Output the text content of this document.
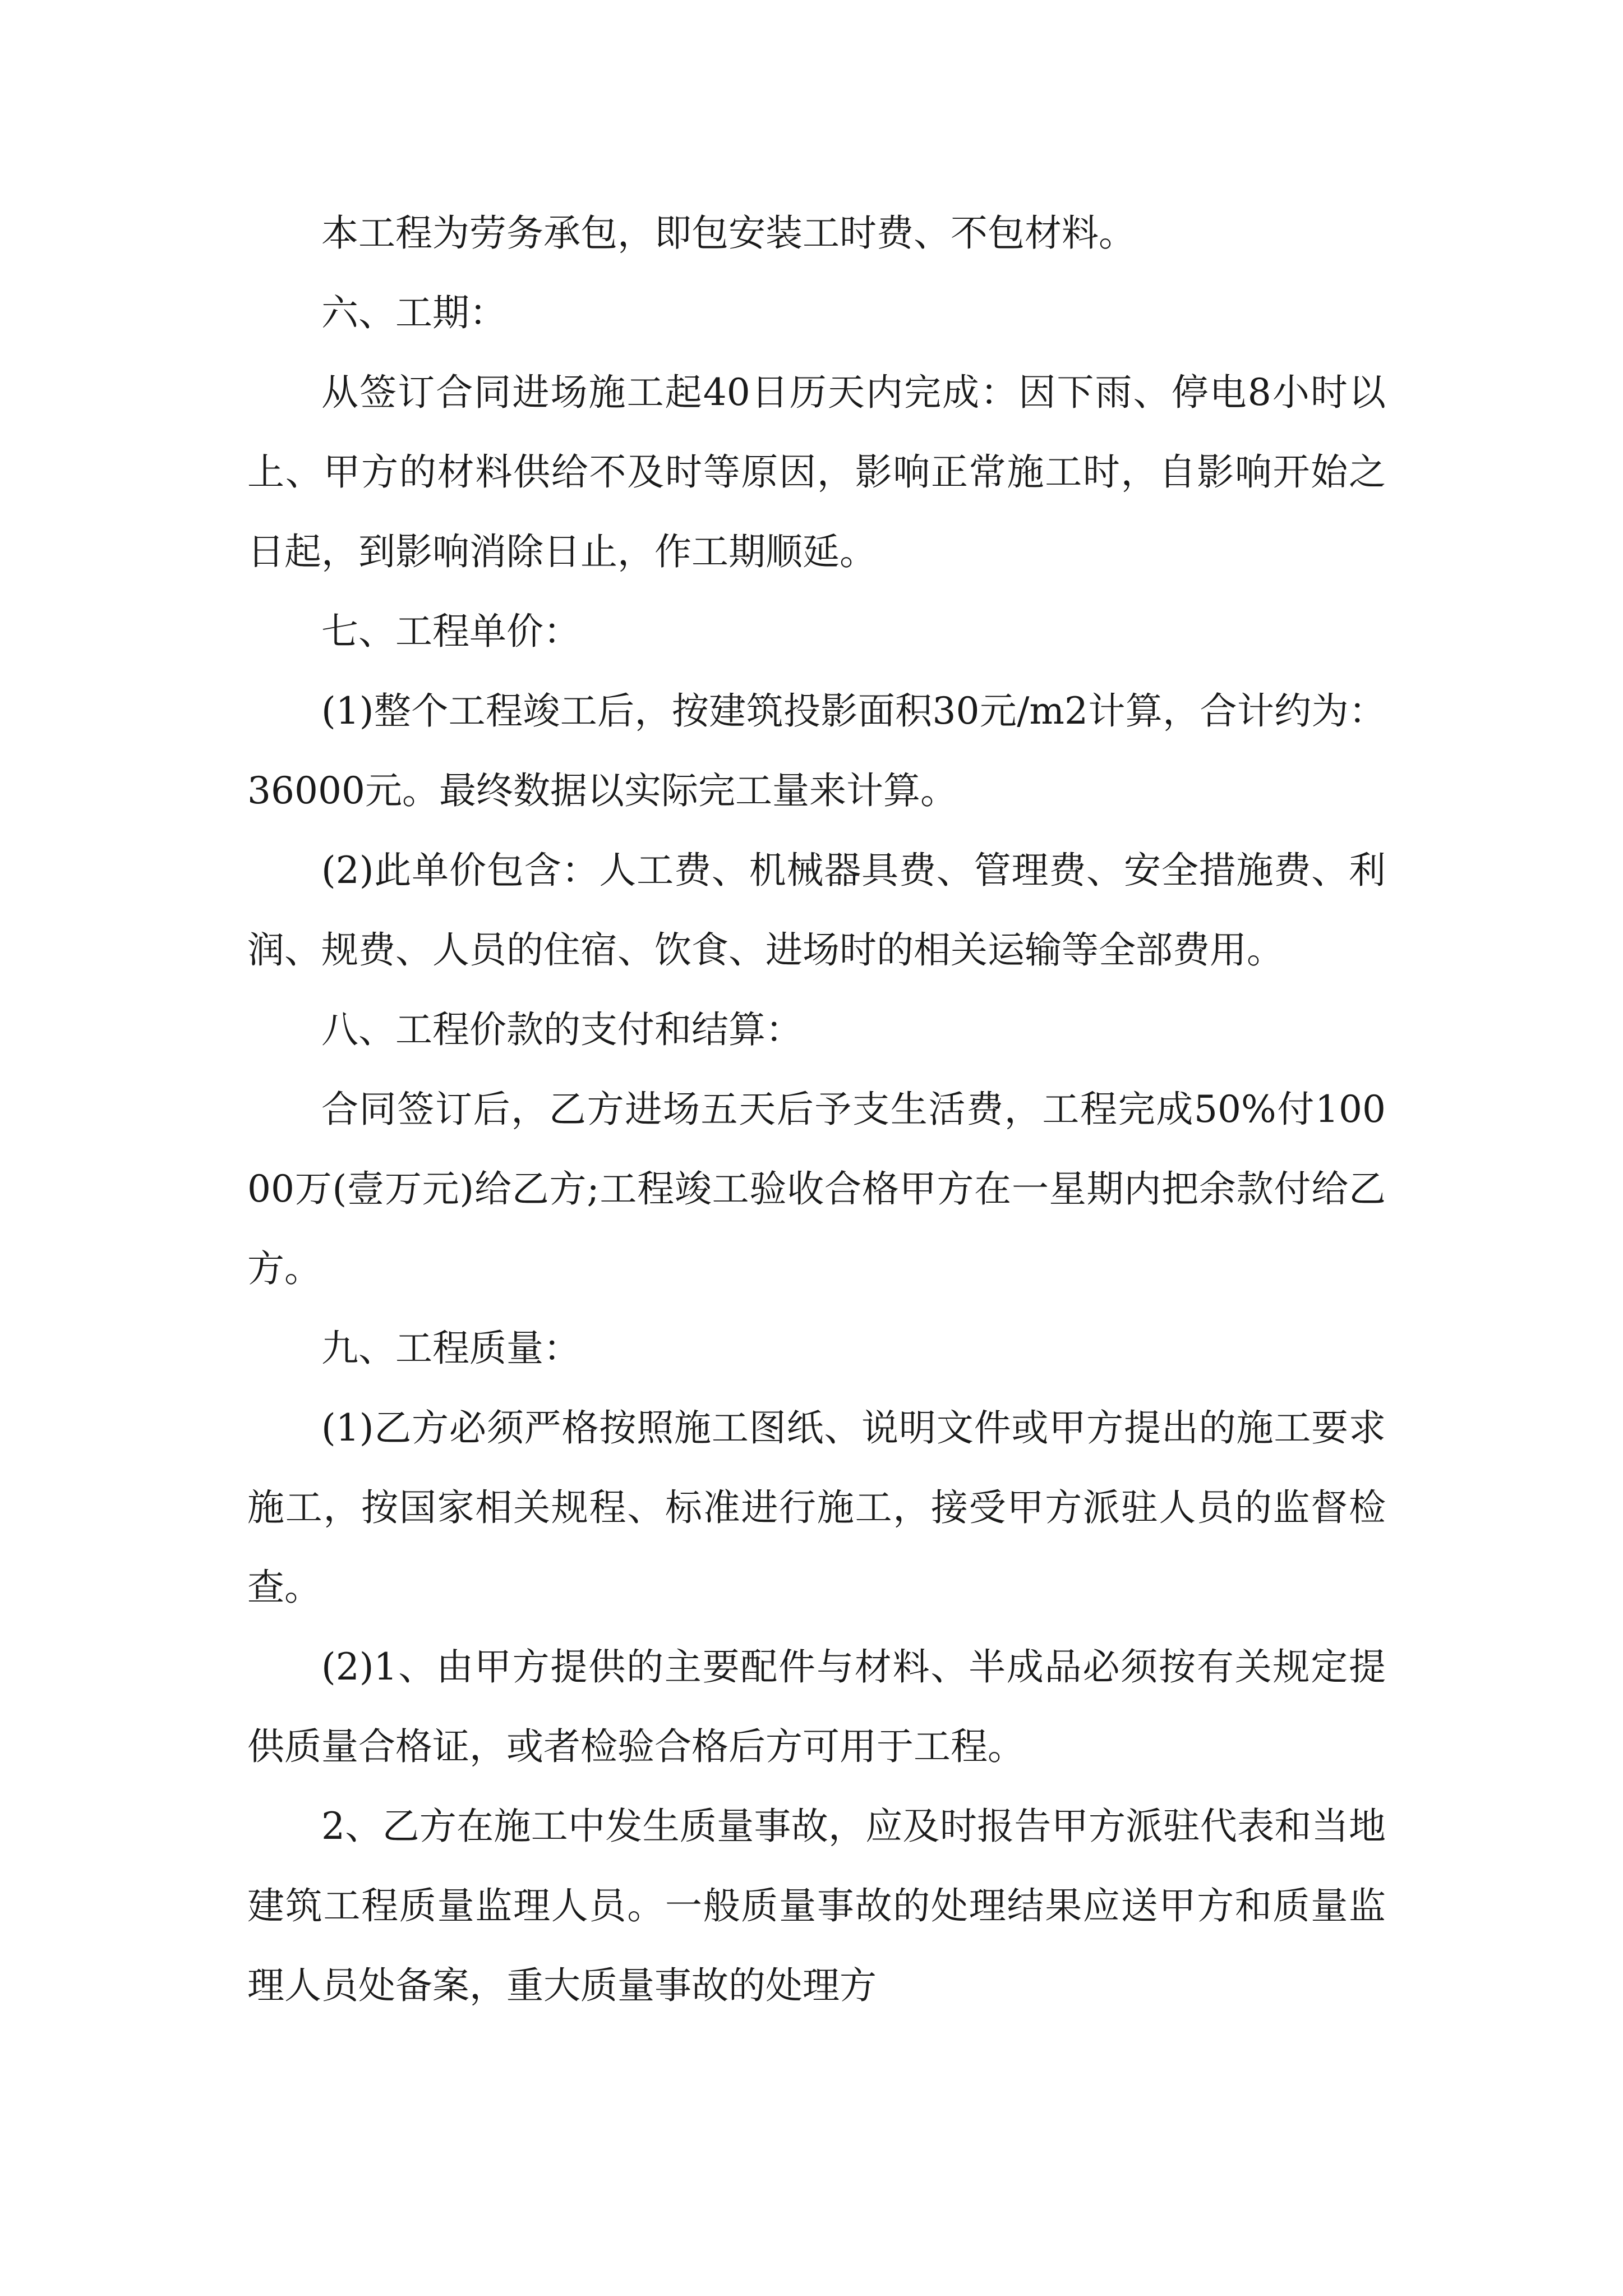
本工程为劳务承包，即包安装工时费、不包材料。

六、工期：

从签订合同进场施工起40日历天内完成：因下雨、停电8小时以上、甲方的材料供给不及时等原因，影响正常施工时，自影响开始之日起，到影响消除日止，作工期顺延。

七、工程单价：

(1)整个工程竣工后，按建筑投影面积30元/m2计算，合计约为：36000元。最终数据以实际完工量来计算。

(2)此单价包含：人工费、机械器具费、管理费、安全措施费、利润、规费、人员的住宿、饮食、进场时的相关运输等全部费用。

八、工程价款的支付和结算：

合同签订后，乙方进场五天后予支生活费，工程完成50%付10000万(壹万元)给乙方;工程竣工验收合格甲方在一星期内把余款付给乙方。

九、工程质量：

(1)乙方必须严格按照施工图纸、说明文件或甲方提出的施工要求施工，按国家相关规程、标准进行施工，接受甲方派驻人员的监督检查。

(2)1、由甲方提供的主要配件与材料、半成品必须按有关规定提供质量合格证，或者检验合格后方可用于工程。

2、乙方在施工中发生质量事故，应及时报告甲方派驻代表和当地建筑工程质量监理人员。一般质量事故的处理结果应送甲方和质量监理人员处备案，重大质量事故的处理方
